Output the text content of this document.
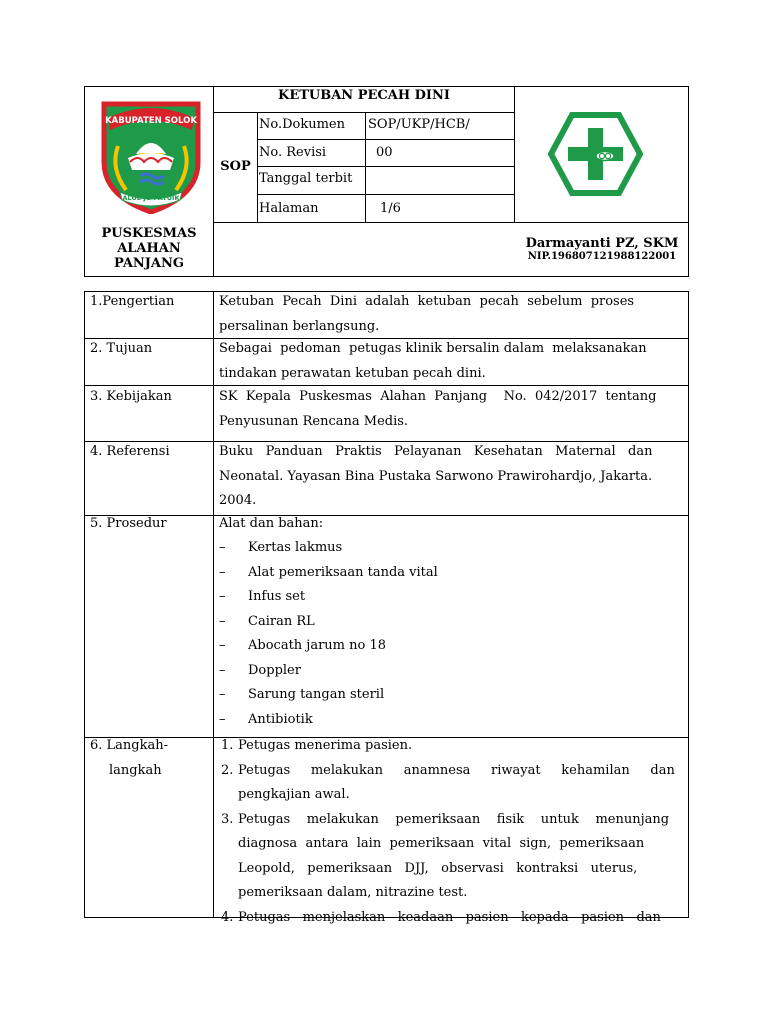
KABUPATEN SOLOK
ALUE JO PATUIK
PUSKESMAS
ALAHAN
PANJANG
KETUBAN PECAH DINI
SOP
No.Dokumen SOP/UKP/HCB/
No. Revisi	00
Tanggal terbit
Halaman	1/6
Darmayanti PZ, SKM
NIP.196807121988122001
1.Pengertian	Ketuban  Pecah  Dini  adalah  ketuban  pecah  sebelum  proses
persalinan berlangsung.
2. Tujuan	Sebagai  pedoman  petugas klinik bersalin dalam  melaksanakan
tindakan perawatan ketuban pecah dini.
3. Kebijakan	SK  Kepala  Puskesmas  Alahan  Panjang    No.  042/2017  tentang
Penyusunan Rencana Medis.
4. Referensi	Buku   Panduan   Praktis   Pelayanan   Kesehatan   Maternal   dan
Neonatal. Yayasan Bina Pustaka Sarwono Prawirohardjo, Jakarta.
2004.
5. Prosedur	Alat dan bahan:
– Kertas lakmus
– Alat pemeriksaan tanda vital
– Infus set
– Cairan RL
– Abocath jarum no 18
– Doppler
– Sarung tangan steril
– Antibiotik
6. Langkah-
langkah
1. Petugas menerima pasien.
2. Petugas     melakukan     anamnesa     riwayat     kehamilan     dan
pengkajian awal.
3. Petugas    melakukan    pemeriksaan    fisik    untuk    menunjang
diagnosa  antara  lain  pemeriksaan  vital  sign,  pemeriksaan
Leopold,   pemeriksaan   DJJ,   observasi   kontraksi   uterus,
pemeriksaan dalam, nitrazine test.
4. Petugas   menjelaskan   keadaan   pasien   kepada   pasien   dan
